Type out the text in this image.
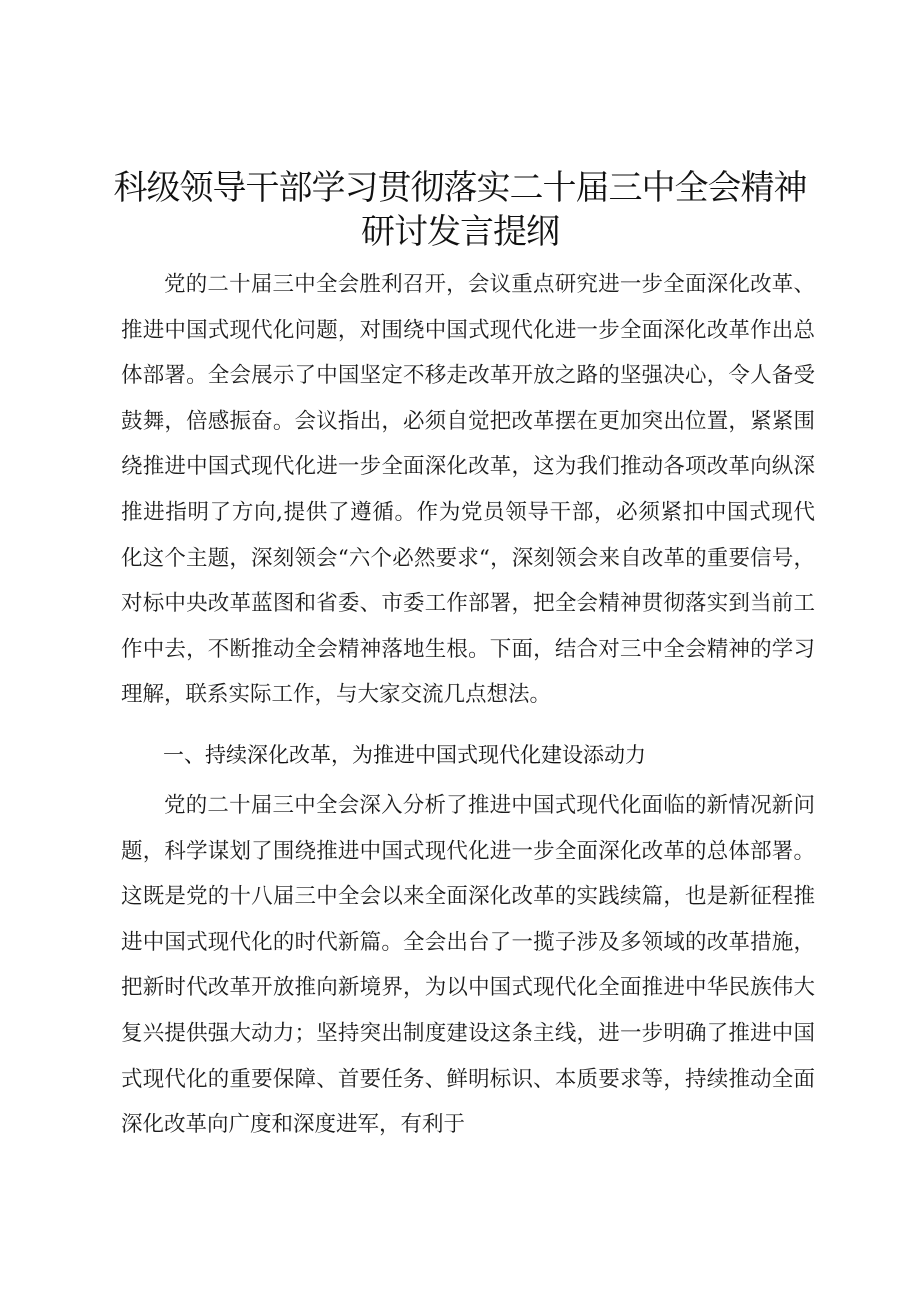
科级领导干部学习贯彻落实二十届三中全会精神研讨发言提纲

党的二十届三中全会胜利召开，会议重点研究进一步全面深化改革、推进中国式现代化问题，对围绕中国式现代化进一步全面深化改革作出总体部署。全会展示了中国坚定不移走改革开放之路的坚强决心，令人备受鼓舞，倍感振奋。会议指出，必须自觉把改革摆在更加突出位置，紧紧围绕推进中国式现代化进一步全面深化改革，这为我们推动各项改革向纵深推进指明了方向,提供了遵循。作为党员领导干部，必须紧扣中国式现代化这个主题，深刻领会“六个必然要求“，深刻领会来自改革的重要信号，对标中央改革蓝图和省委、市委工作部署，把全会精神贯彻落实到当前工作中去，不断推动全会精神落地生根。下面，结合对三中全会精神的学习理解，联系实际工作，与大家交流几点想法。

一、持续深化改革，为推进中国式现代化建设添动力

党的二十届三中全会深入分析了推进中国式现代化面临的新情况新问题，科学谋划了围绕推进中国式现代化进一步全面深化改革的总体部署。这既是党的十八届三中全会以来全面深化改革的实践续篇，也是新征程推进中国式现代化的时代新篇。全会出台了一揽子涉及多领域的改革措施，把新时代改革开放推向新境界，为以中国式现代化全面推进中华民族伟大复兴提供强大动力；坚持突出制度建设这条主线，进一步明确了推进中国式现代化的重要保障、首要任务、鲜明标识、本质要求等，持续推动全面深化改革向广度和深度进军，有利于
